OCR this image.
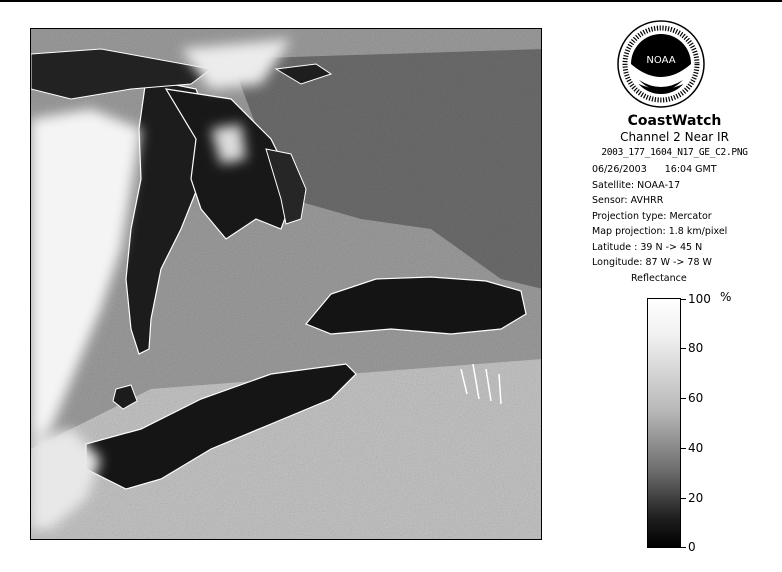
NOAA
CoastWatch
Channel 2 Near IR
2003_177_1604_N17_GE_C2.PNG
06/26/2003 16:04 GMT
Satellite: NOAA-17
Sensor: AVHRR
Projection type: Mercator
Map projection: 1.8 km/pixel
Latitude : 39 N -> 45 N
Longitude: 87 W -> 78 W
Reflectance
%
100
80
60
40
20
0
